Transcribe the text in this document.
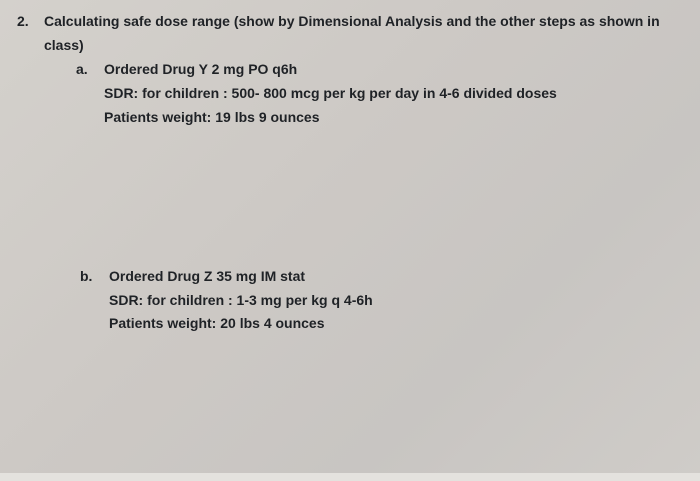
2. Calculating safe dose range (show by Dimensional Analysis and the other steps as shown in
class)
a. Ordered Drug Y 2 mg PO q6h
SDR: for children : 500- 800 mcg per kg per day in 4-6 divided doses
Patients weight: 19 lbs 9 ounces
b. Ordered Drug Z 35 mg IM stat
SDR: for children : 1-3 mg per kg q 4-6h
Patients weight: 20 lbs 4 ounces
